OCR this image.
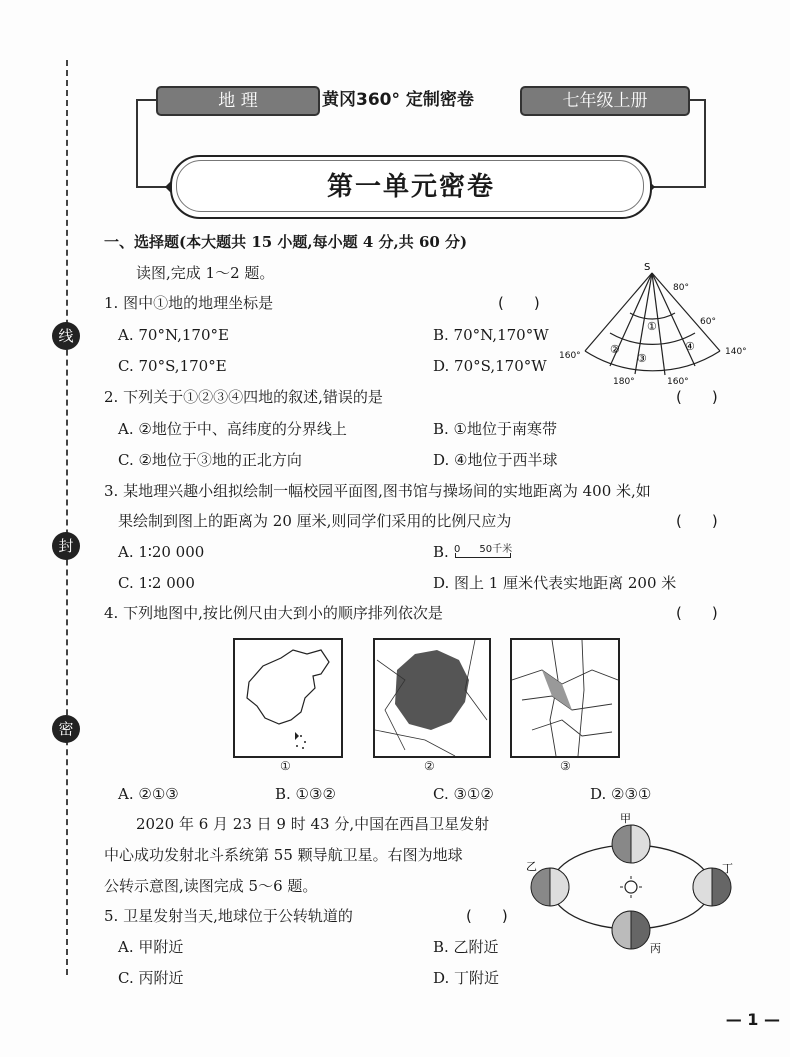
线
封
密
地 理	黄冈360° 定制密卷	七年级上册
第一单元密卷
一、选择题(本大题共 15 小题,每小题 4 分,共 60 分)
读图,完成 1～2 题。	S
80°
60°
160°	140°
180°	160°
①
②
③
④
1. 图中①地的地理坐标是	(　　)
A. 70°N,170°E	B. 70°N,170°W
C. 70°S,170°E	D. 70°S,170°W
2. 下列关于①②③④四地的叙述,错误的是	(　　)
A. ②地位于中、高纬度的分界线上	B. ①地位于南寒带
C. ②地位于③地的正北方向	D. ④地位于西半球
3. 某地理兴趣小组拟绘制一幅校园平面图,图书馆与操场间的实地距离为 400 米,如
果绘制到图上的距离为 20 厘米,则同学们采用的比例尺应为	(　　)
A. 1∶20 000	B. 0      50千米
C. 1∶2 000	D. 图上 1 厘米代表实地距离 200 米
4. 下列地图中,按比例尺由大到小的顺序排列依次是	(　　)
①	②	③
A. ②①③	B. ①③②	C. ③①②	D. ②③①
2020 年 6 月 23 日 9 时 43 分,中国在西昌卫星发射
中心成功发射北斗系统第 55 颗导航卫星。右图为地球
公转示意图,读图完成 5～6 题。
甲
乙
丙
丁
5. 卫星发射当天,地球位于公转轨道的	(　　)
A. 甲附近	B. 乙附近
C. 丙附近	D. 丁附近
— 1 —
